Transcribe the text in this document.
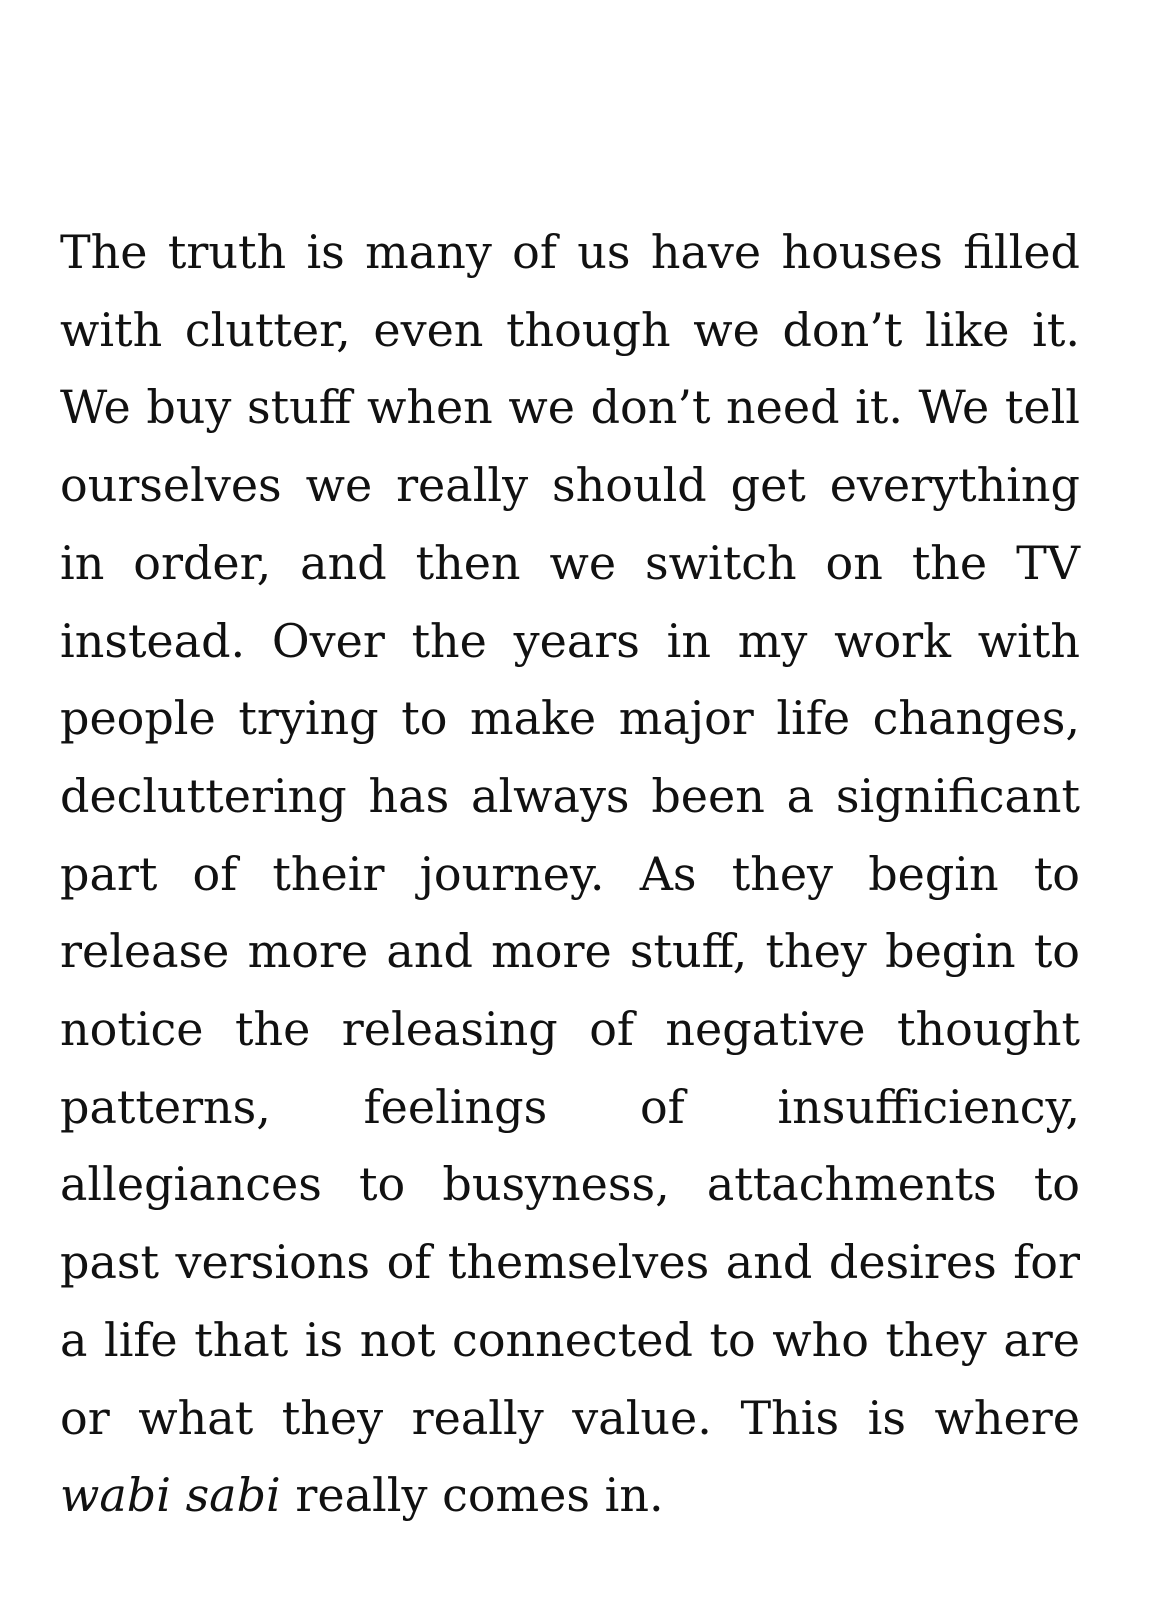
The truth is many of us have houses filled with clutter, even though we don’t like it. We buy stuff when we don’t need it. We tell ourselves we really should get everything in order, and then we switch on the TV instead. Over the years in my work with people trying to make major life changes, decluttering has always been a significant part of their journey. As they begin to release more and more stuff, they begin to notice the releasing of negative thought patterns, feelings of insufficiency, allegiances to busyness, attachments to past versions of themselves and desires for a life that is not connected to who they are or what they really value. This is where wabi sabi really comes in.
